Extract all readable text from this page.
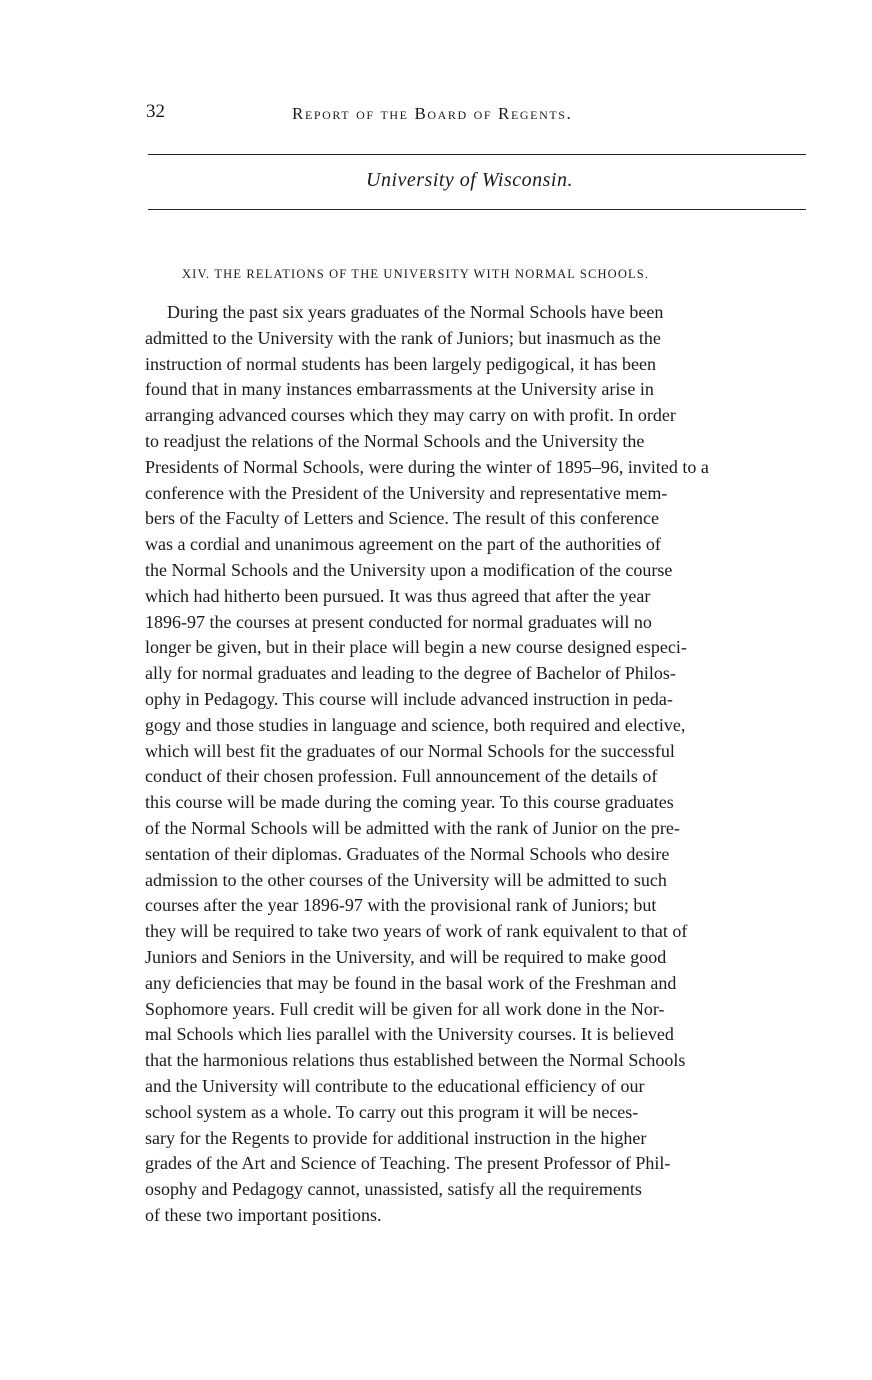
32	Report of the Board of Regents.
University of Wisconsin.
XIV. THE RELATIONS OF THE UNIVERSITY WITH NORMAL SCHOOLS.
During the past six years graduates of the Normal Schools have been
admitted to the University with the rank of Juniors; but inasmuch as the
instruction of normal students has been largely pedigogical, it has been
found that in many instances embarrassments at the University arise in
arranging advanced courses which they may carry on with profit. In order
to readjust the relations of the Normal Schools and the University the
Presidents of Normal Schools, were during the winter of 1895–96, invited to a
conference with the President of the University and representative mem-
bers of the Faculty of Letters and Science. The result of this conference
was a cordial and unanimous agreement on the part of the authorities of
the Normal Schools and the University upon a modification of the course
which had hitherto been pursued. It was thus agreed that after the year
1896-97 the courses at present conducted for normal graduates will no
longer be given, but in their place will begin a new course designed especi-
ally for normal graduates and leading to the degree of Bachelor of Philos-
ophy in Pedagogy. This course will include advanced instruction in peda-
gogy and those studies in language and science, both required and elective,
which will best fit the graduates of our Normal Schools for the successful
conduct of their chosen profession. Full announcement of the details of
this course will be made during the coming year. To this course graduates
of the Normal Schools will be admitted with the rank of Junior on the pre-
sentation of their diplomas. Graduates of the Normal Schools who desire
admission to the other courses of the University will be admitted to such
courses after the year 1896-97 with the provisional rank of Juniors; but
they will be required to take two years of work of rank equivalent to that of
Juniors and Seniors in the University, and will be required to make good
any deficiencies that may be found in the basal work of the Freshman and
Sophomore years. Full credit will be given for all work done in the Nor-
mal Schools which lies parallel with the University courses. It is believed
that the harmonious relations thus established between the Normal Schools
and the University will contribute to the educational efficiency of our
school system as a whole. To carry out this program it will be neces-
sary for the Regents to provide for additional instruction in the higher
grades of the Art and Science of Teaching. The present Professor of Phil-
osophy and Pedagogy cannot, unassisted, satisfy all the requirements
of these two important positions.
